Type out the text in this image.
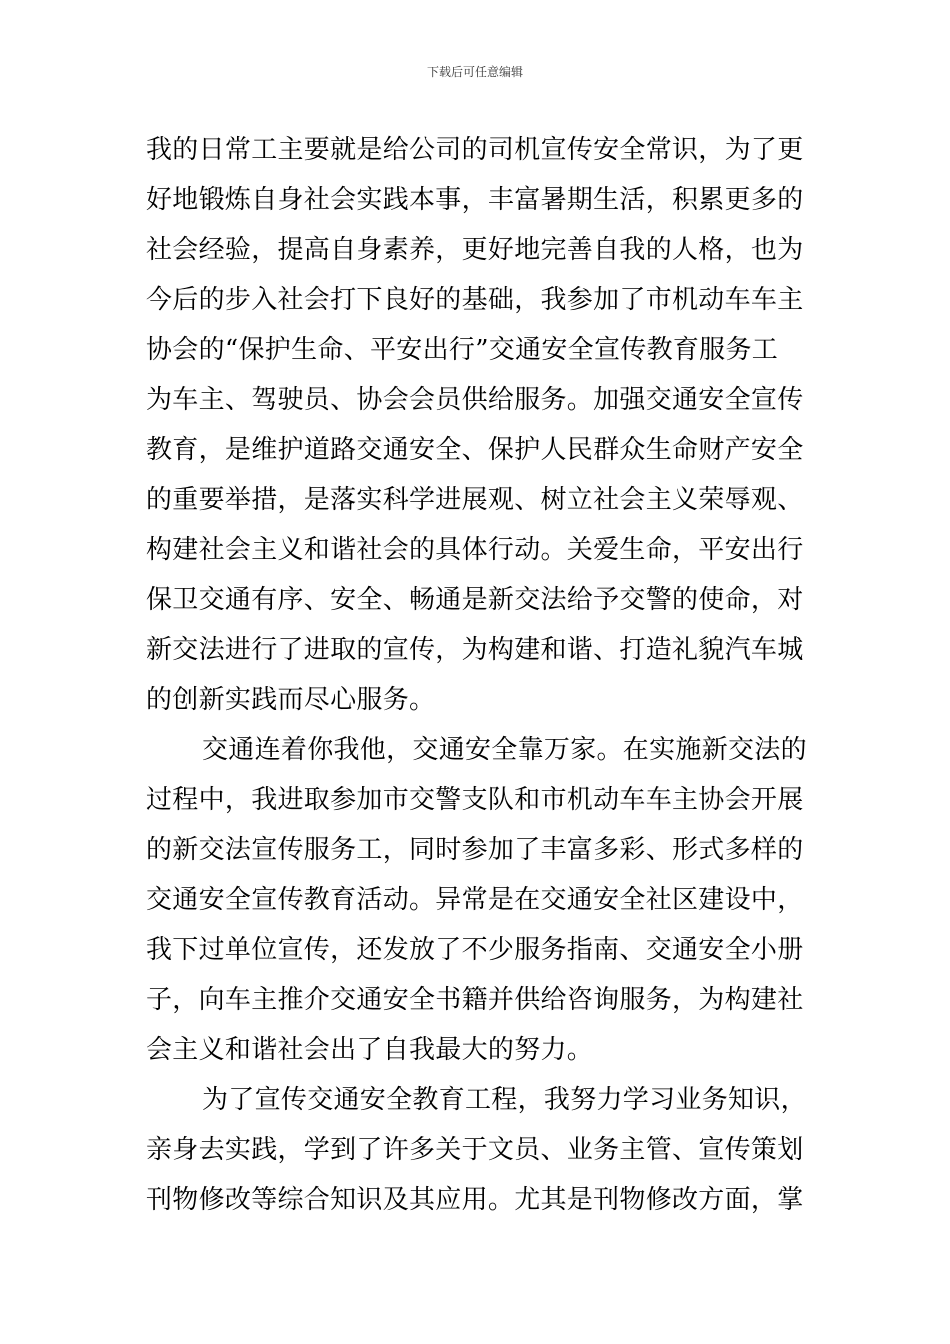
下载后可任意编辑
我的日常工主要就是给公司的司机宣传安全常识，为了更
好地锻炼自身社会实践本事，丰富暑期生活，积累更多的
社会经验，提高自身素养，更好地完善自我的人格，也为
今后的步入社会打下良好的基础，我参加了市机动车车主
协会的“保护生命、平安出行”交通安全宣传教育服务工
为车主、驾驶员、协会会员供给服务。加强交通安全宣传
教育，是维护道路交通安全、保护人民群众生命财产安全
的重要举措，是落实科学进展观、树立社会主义荣辱观、
构建社会主义和谐社会的具体行动。关爱生命，平安出行
保卫交通有序、安全、畅通是新交法给予交警的使命，对
新交法进行了进取的宣传，为构建和谐、打造礼貌汽车城
的创新实践而尽心服务。
交通连着你我他，交通安全靠万家。在实施新交法的
过程中，我进取参加市交警支队和市机动车车主协会开展
的新交法宣传服务工，同时参加了丰富多彩、形式多样的
交通安全宣传教育活动。异常是在交通安全社区建设中，
我下过单位宣传，还发放了不少服务指南、交通安全小册
子，向车主推介交通安全书籍并供给咨询服务，为构建社
会主义和谐社会出了自我最大的努力。
为了宣传交通安全教育工程，我努力学习业务知识，
亲身去实践，学到了许多关于文员、业务主管、宣传策划
刊物修改等综合知识及其应用。尤其是刊物修改方面，掌
